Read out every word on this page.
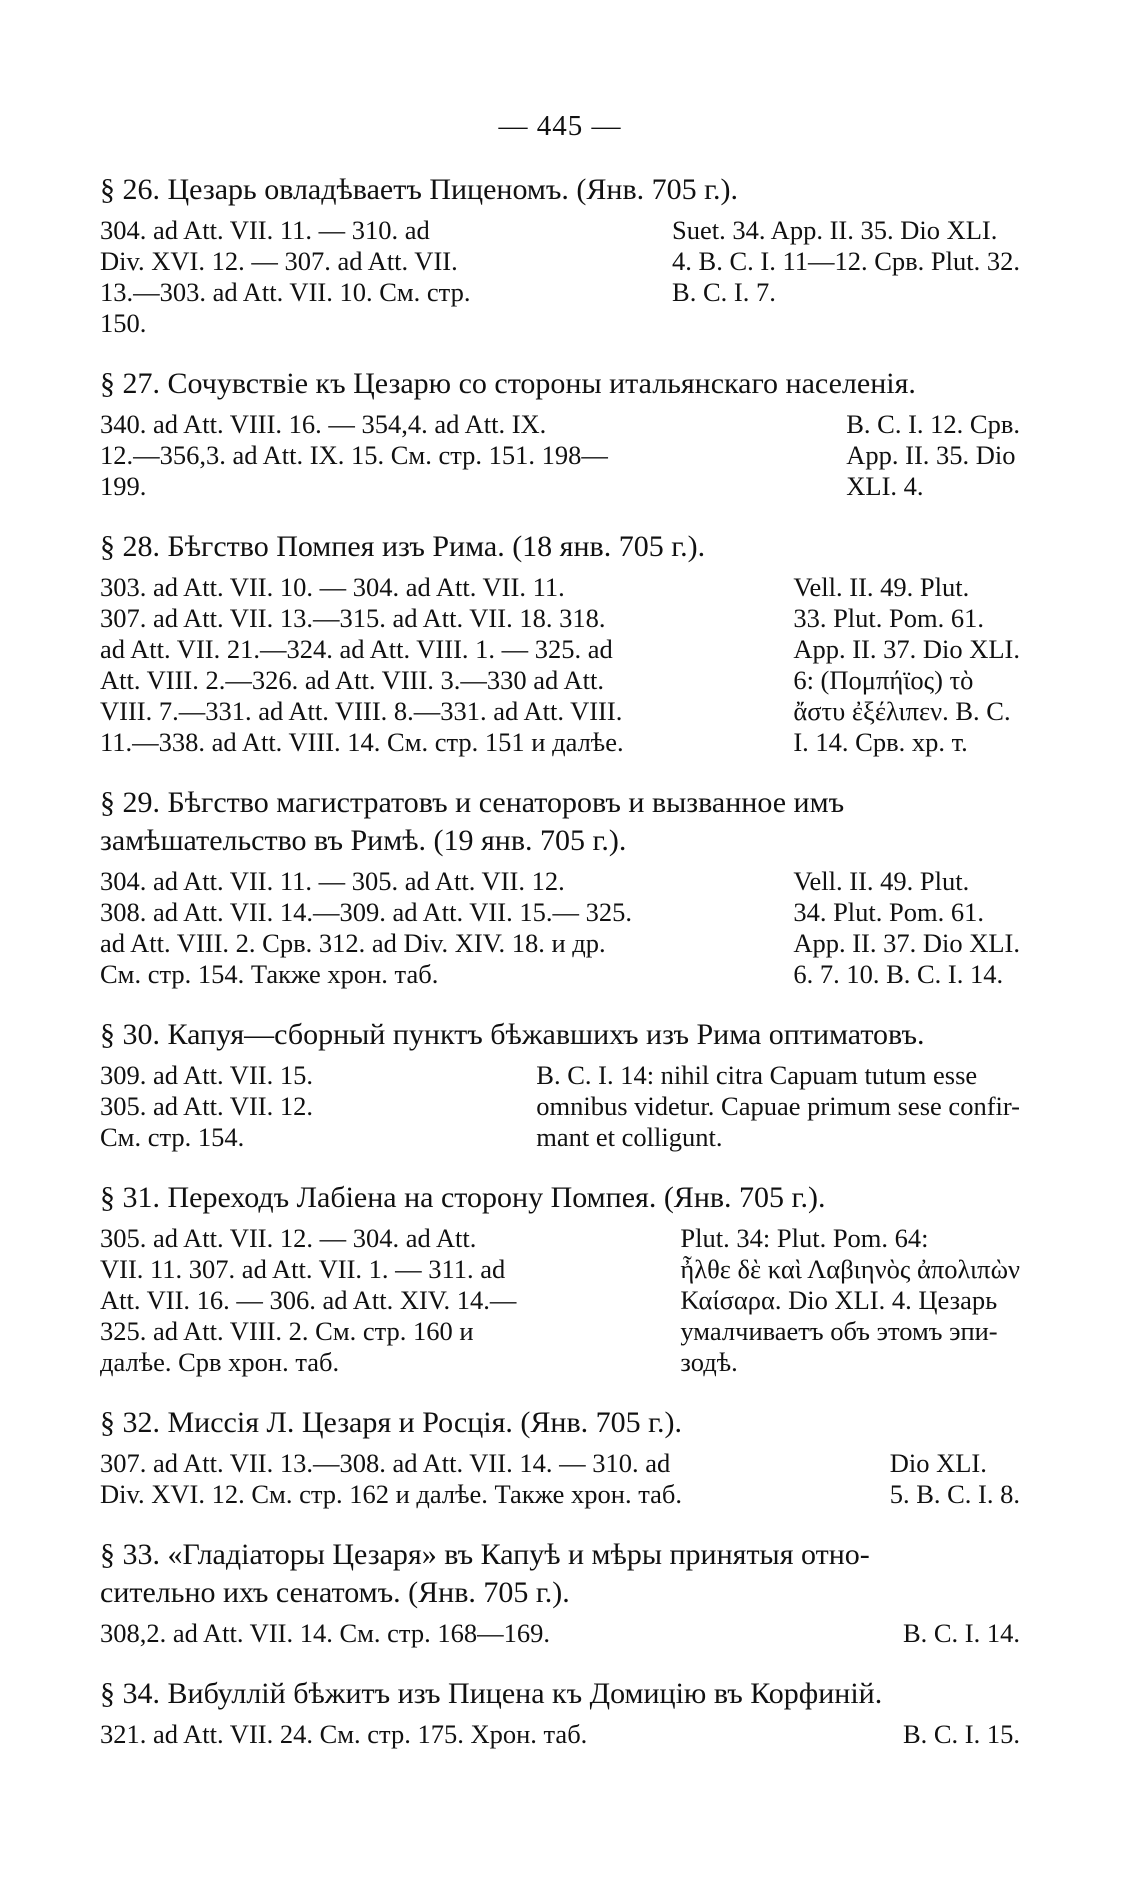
— 445 —
§ 26. Цезарь овладѣваетъ Пиценомъ. (Янв. 705 г.).
304. ad Att. VII. 11. — 310. ad
Div. XVI. 12. — 307. ad Att. VII.
13.—303. ad Att. VII. 10. См. стр.
150.
Suet. 34. App. II. 35. Dio XLI.
4. B. C. I. 11—12. Срв. Plut. 32.
B. C. I. 7.
§ 27. Сочувствіе къ Цезарю со стороны итальянскаго населенія.
340. ad Att. VIII. 16. — 354,4. ad Att. IX.
12.—356,3. ad Att. IX. 15. См. стр. 151. 198—
199.
B. C. I. 12. Срв.
App. II. 35. Dio
XLI. 4.
§ 28. Бѣгство Помпея изъ Рима. (18 янв. 705 г.).
303. ad Att. VII. 10. — 304. ad Att. VII. 11.
307. ad Att. VII. 13.—315. ad Att. VII. 18. 318.
ad Att. VII. 21.—324. ad Att. VIII. 1. — 325. ad
Att. VIII. 2.—326. ad Att. VIII. 3.—330 ad Att.
VIII. 7.—331. ad Att. VIII. 8.—331. ad Att. VIII.
11.—338. ad Att. VIII. 14. См. стр. 151 и далѣе.
Vell. II. 49. Plut.
33. Plut. Pom. 61.
App. II. 37. Dio XLI.
6: (Πομπήϊος) τὸ
ἄστυ ἐξέλιπεν. B. C.
I. 14. Срв. хр. т.
§ 29. Бѣгство магистратовъ и сенаторовъ и вызванное имъ
замѣшательство въ Римѣ. (19 янв. 705 г.).
304. ad Att. VII. 11. — 305. ad Att. VII. 12.
308. ad Att. VII. 14.—309. ad Att. VII. 15.— 325.
ad Att. VIII. 2. Срв. 312. ad Div. XIV. 18. и др.
См. стр. 154. Также хрон. таб.
Vell. II. 49. Plut.
34. Plut. Pom. 61.
App. II. 37. Dio XLI.
6. 7. 10. B. C. I. 14.
§ 30. Капуя—сборный пунктъ бѣжавшихъ изъ Рима оптиматовъ.
309. ad Att. VII. 15.
305. ad Att. VII. 12.
См. стр. 154.
B. C. I. 14: nihil citra Capuam tutum esse
omnibus videtur. Capuae primum sese confir-
mant et colligunt.
§ 31. Переходъ Лабіена на сторону Помпея. (Янв. 705 г.).
305. ad Att. VII. 12. — 304. ad Att.
VII. 11. 307. ad Att. VII. 1. — 311. ad
Att. VII. 16. — 306. ad Att. XIV. 14.—
325. ad Att. VIII. 2. См. стр. 160 и
далѣе. Срв хрон. таб.
Plut. 34: Plut. Pom. 64:
ἦλθε δὲ καὶ Λαβιηνὸς ἀπολιπὼν
Καίσαρα. Dio XLI. 4. Цезарь
умалчиваетъ объ этомъ эпи-
зодѣ.
§ 32. Миссія Л. Цезаря и Росція. (Янв. 705 г.).
307. ad Att. VII. 13.—308. ad Att. VII. 14. — 310. ad
Div. XVI. 12. См. стр. 162 и далѣе. Также хрон. таб.
Dio XLI.
5. B. C. I. 8.
§ 33. «Гладіаторы Цезаря» въ Капуѣ и мѣры принятыя отно-
сительно ихъ сенатомъ. (Янв. 705 г.).
308,2. ad Att. VII. 14. См. стр. 168—169.	B. C. I. 14.
§ 34. Вибуллій бѣжитъ изъ Пицена къ Домицію въ Корфиній.
321. ad Att. VII. 24. См. стр. 175. Хрон. таб.	B. C. I. 15.
